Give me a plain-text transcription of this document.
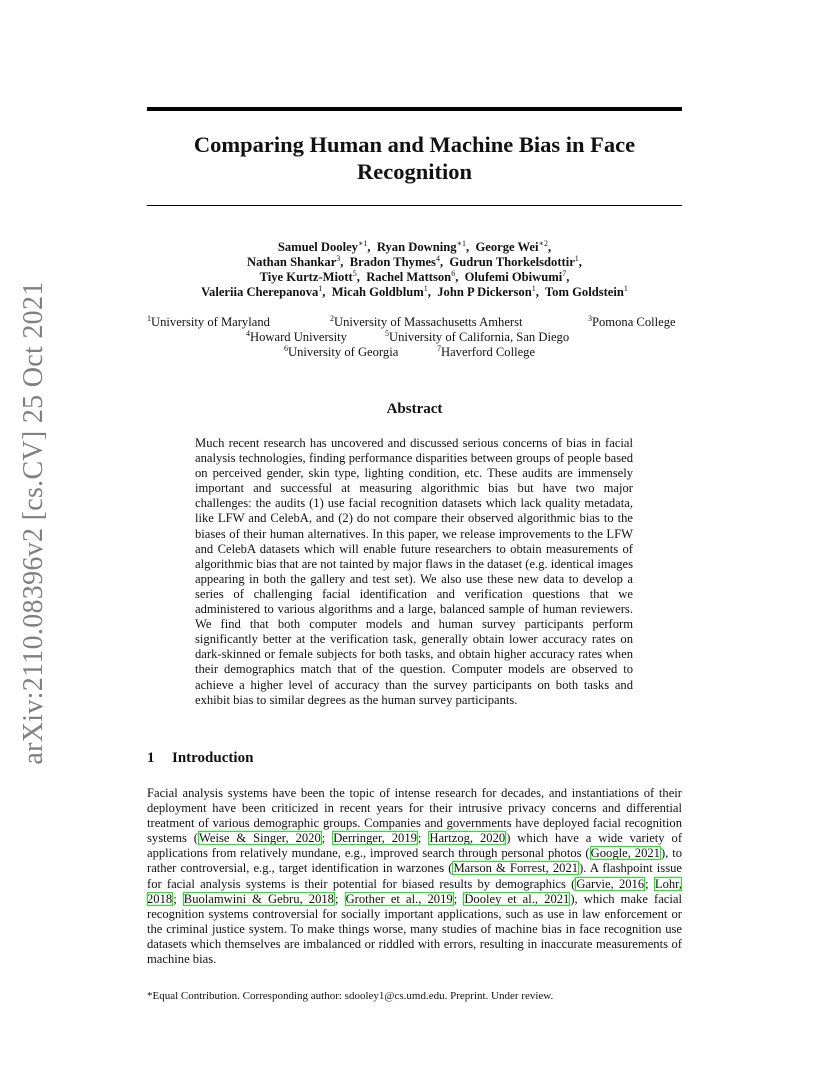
arXiv:2110.08396v2 [cs.CV] 25 Oct 2021
Comparing Human and Machine Bias in Face Recognition
Samuel Dooley$^{∗1}$,  Ryan Downing$^{∗1}$,  George Wei$^{∗2}$,
Nathan Shankar$^3$,  Bradon Thymes$^4$,  Gudrun Thorkelsdottir$^1$,
Tiye Kurtz-Miott$^5$,  Rachel Mattson$^6$,  Olufemi Obiwumi$^7$,
Valeriia Cherepanova$^1$,  Micah Goldblum$^1$,  John P Dickerson$^1$,  Tom Goldstein$^1$
$^1$ University of Maryland	$^2$ University of Massachusetts Amherst	$^3$ Pomona College
$^4$ Howard University	$^5$ University of California, San Diego
$^6$ University of Georgia	$^7$ Haverford College
Abstract

Much recent research has uncovered and discussed serious concerns of bias in facial analysis technologies, finding performance disparities between groups of people based on perceived gender, skin type, lighting condition, etc. These audits are immensely important and successful at measuring algorithmic bias but have two major challenges: the audits (1) use facial recognition datasets which lack quality metadata, like LFW and CelebA, and (2) do not compare their observed algorithmic bias to the biases of their human alternatives. In this paper, we release improvements to the LFW and CelebA datasets which will enable future researchers to obtain measurements of algorithmic bias that are not tainted by major flaws in the dataset (e.g. identical images appearing in both the gallery and test set). We also use these new data to develop a series of challenging facial identification and verification questions that we administered to various algorithms and a large, balanced sample of human reviewers. We find that both computer models and human survey participants perform significantly better at the verification task, generally obtain lower accuracy rates on dark-skinned or female subjects for both tasks, and obtain higher accuracy rates when their demographics match that of the question. Computer models are observed to achieve a higher level of accuracy than the survey participants on both tasks and exhibit bias to similar degrees as the human survey participants.

1 Introduction

Facial analysis systems have been the topic of intense research for decades, and instantiations of their deployment have been criticized in recent years for their intrusive privacy concerns and differential treatment of various demographic groups. Companies and governments have deployed facial recognition systems (Weise & Singer, 2020; Derringer, 2019; Hartzog, 2020) which have a wide variety of applications from relatively mundane, e.g., improved search through personal photos (Google, 2021), to rather controversial, e.g., target identification in warzones (Marson & Forrest, 2021). A flashpoint issue for facial analysis systems is their potential for biased results by demographics (Garvie, 2016; Lohr, 2018; Buolamwini & Gebru, 2018; Grother et al., 2019; Dooley et al., 2021), which make facial recognition systems controversial for socially important applications, such as use in law enforcement or the criminal justice system. To make things worse, many studies of machine bias in face recognition use datasets which themselves are imbalanced or riddled with errors, resulting in inaccurate measurements of machine bias.

*Equal Contribution. Corresponding author: sdooley1@cs.umd.edu. Preprint. Under review.
